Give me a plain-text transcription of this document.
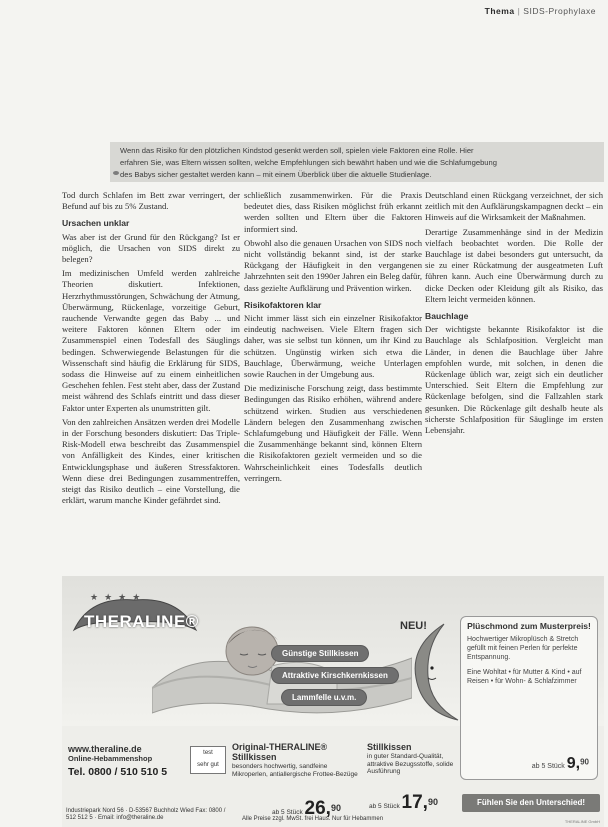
Thema | SIDS-Prophylaxe

Wenn das Risiko für den plötzlichen Kindstod gesenkt werden soll, spielen viele Faktoren eine Rolle. Hier

erfahren Sie, was Eltern wissen sollten, welche Empfehlungen sich bewährt haben und wie die Schlafumgebung

des Babys sicher gestaltet werden kann – mit einem Überblick über die aktuelle Studienlage.

Tod durch Schlafen im Bett zwar verringert, der Befund auf bis zu 5% Zustand.

Ursachen unklar

Was aber ist der Grund für den Rückgang? Ist er möglich, die Ursachen von SIDS direkt zu belegen?

Im medizinischen Umfeld werden zahlreiche Theorien diskutiert. Infektionen, Herzrhythmusstörungen, Schwächung der Atmung, Überwärmung, Rückenlage, vorzeitige Geburt, rauchende Verwandte gegen das Baby ... und weitere Faktoren können Eltern oder im Zusammenspiel einen Todesfall des Säuglings bedingen. Schwerwiegende Belastungen für die Wissenschaft sind häufig die Erklärung für SIDS, sodass die Hinweise auf zu einem einheitlichen Geschehen fehlen. Fest steht aber, dass der Zustand meist während des Schlafs eintritt und dass dieser Faktor unter Experten als unumstritten gilt.

Von den zahlreichen Ansätzen werden drei Modelle in der Forschung besonders diskutiert: Das Triple-Risk-Modell etwa beschreibt das Zusammenspiel von Anfälligkeit des Kindes, einer kritischen Entwicklungsphase und äußeren Stressfaktoren. Wenn diese drei Bedingungen zusammentreffen, steigt das Risiko deutlich – eine Vorstellung, die erklärt, warum manche Kinder gefährdet sind.

schließlich zusammenwirken. Für die Praxis bedeutet dies, dass Risiken möglichst früh erkannt werden sollten und Eltern über die Faktoren informiert sind.

Obwohl also die genauen Ursachen von SIDS noch nicht vollständig bekannt sind, ist der starke Rückgang der Häufigkeit in den vergangenen Jahrzehnten seit den 1990er Jahren ein Beleg dafür, dass gezielte Aufklärung und Prävention wirken.

Risikofaktoren klar

Nicht immer lässt sich ein einzelner Risikofaktor eindeutig nachweisen. Viele Eltern fragen sich daher, was sie selbst tun können, um ihr Kind zu schützen. Ungünstig wirken sich etwa die Bauchlage, Überwärmung, weiche Unterlagen sowie Rauchen in der Umgebung aus.

Die medizinische Forschung zeigt, dass bestimmte Bedingungen das Risiko erhöhen, während andere schützend wirken. Studien aus verschiedenen Ländern belegen den Zusammenhang zwischen Schlafumgebung und Häufigkeit der Fälle. Wenn die Zusammenhänge bekannt sind, können Eltern die Risikofaktoren gezielt vermeiden und so die Wahrscheinlichkeit eines Todesfalls deutlich verringern.

Deutschland einen Rückgang verzeichnet, der sich zeitlich mit den Aufklärungskampagnen deckt – ein Hinweis auf die Wirksamkeit der Maßnahmen.

Derartige Zusammenhänge sind in der Medizin vielfach beobachtet worden. Die Rolle der Bauchlage ist dabei besonders gut untersucht, da sie zu einer Rückatmung der ausgeatmeten Luft führen kann. Auch eine Überwärmung durch zu dicke Decken oder Kleidung gilt als Risiko, das Eltern leicht vermeiden können.

Bauchlage

Der wichtigste bekannte Risikofaktor ist die Bauchlage als Schlafposition. Vergleicht man Länder, in denen die Bauchlage über Jahre empfohlen wurde, mit solchen, in denen die Rückenlage üblich war, zeigt sich ein deutlicher Unterschied. Seit Eltern die Empfehlung zur Rückenlage befolgen, sind die Fallzahlen stark gesunken. Die Rückenlage gilt deshalb heute als sicherste Schlafposition für Säuglinge im ersten Lebensjahr.

★★★★
THERALINE®
Günstige Stillkissen
Attraktive Kirschkernkissen
Lammfelle u.v.m.
NEU!	Plüschmond zum Musterpreis!
Hochwertiger Mikroplüsch & Stretch gefüllt mit feinen Perlen für perfekte Entspannung.
Eine Wohltat • für Mutter & Kind • auf Reisen • für Wohn- & Schlafzimmer
ab 5 Stück 9,90
www.theraline.de
Online-Hebammenshop
Tel. 0800 / 510 510 5
Industriepark Nord 56 · D-53567 Buchholz Wied Fax: 0800 / 512 512 5 · Email: info@theraline.de
test
sehr gut
Original-THERALINE® Stillkissen
besonders hochwertig, sandfeine Mikroperlen, antiallergische Frottee-Bezüge
ab 5 Stück 26,90
Stillkissen
in guter Standard-Qualität, attraktive Bezugsstoffe, solide Ausführung
ab 5 Stück 17,90
Alle Preise zzgl. MwSt. frei Haus. Nur für Hebammen
Fühlen Sie den Unterschied!
THERALINE GmbH
